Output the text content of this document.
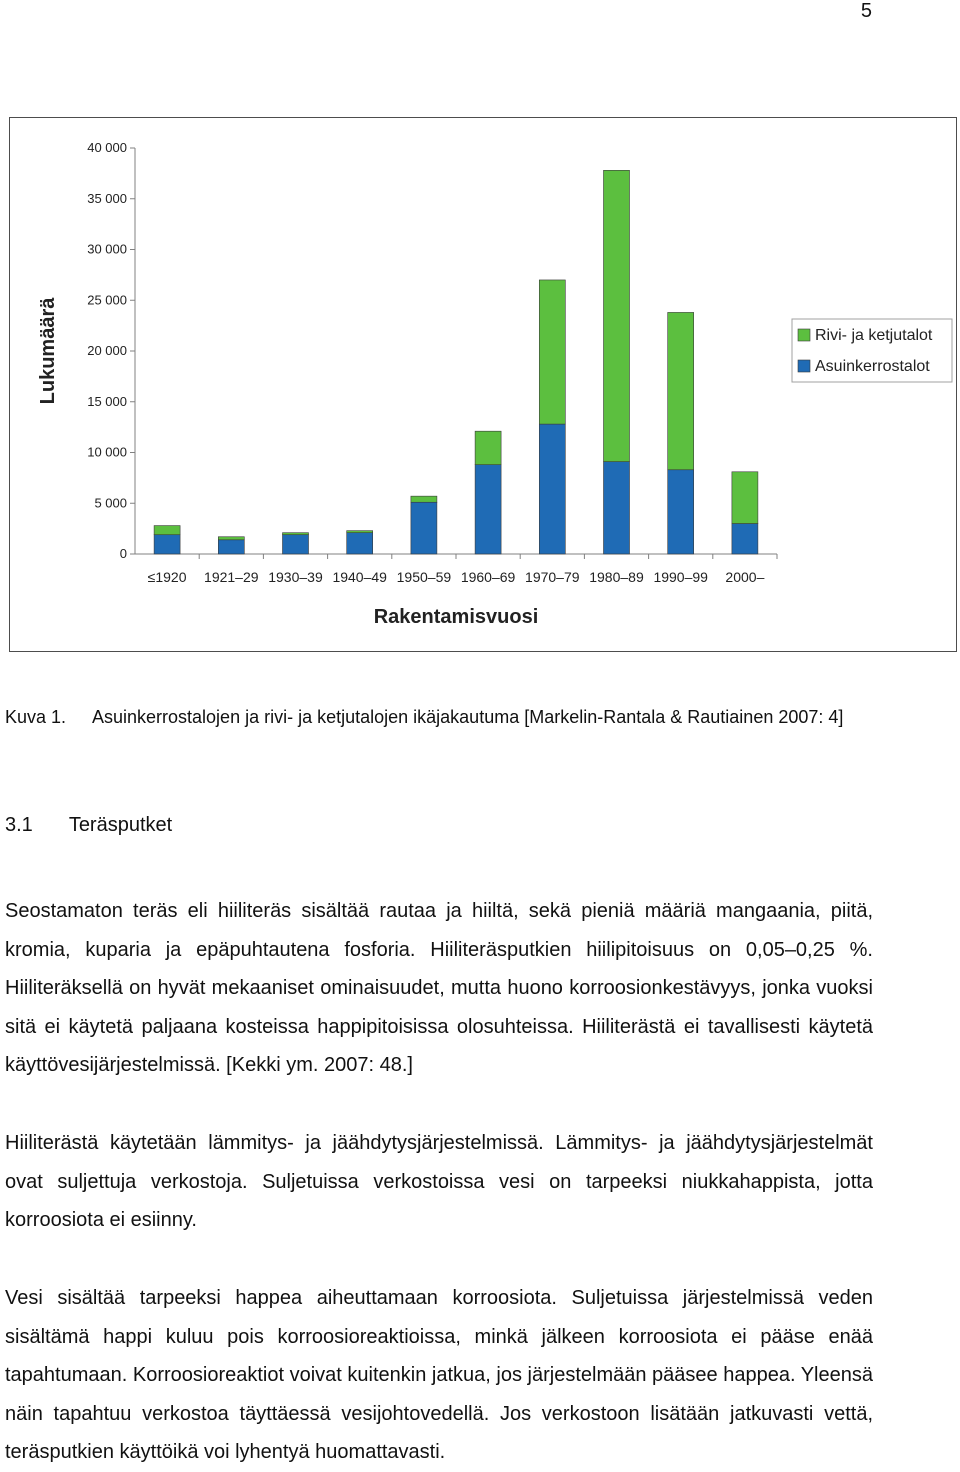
5
0
5 000
10 000
15 000
20 000
25 000
30 000
35 000
40 000
≤1920 1921–29 1930–39 1940–49 1950–59 1960–69 1970–79 1980–89 1990–99 2000–
Rakentamisvuosi
Lukumäärä	Rivi- ja ketjutalot
Asuinkerrostalot
Kuva 1. Asuinkerrostalojen ja rivi- ja ketjutalojen ikäjakautuma [Markelin-Rantala & Rautiainen 2007: 4]
3.1 Teräsputket

Seostamaton teräs eli hiiliteräs sisältää rautaa ja hiiltä, sekä pieniä määriä mangaania, piitä, kromia, kuparia ja epäpuhtautena fosforia. Hiiliteräsputkien hiilipitoisuus on 0,05–0,25 %. Hiiliteräksellä on hyvät mekaaniset ominaisuudet, mutta huono korroosionkestävyys, jonka vuoksi sitä ei käytetä paljaana kosteissa happipitoisissa olosuhteissa. Hiiliterästä ei tavallisesti käytetä käyttövesijärjestelmissä. [Kekki ym. 2007: 48.]

Hiiliterästä käytetään lämmitys- ja jäähdytysjärjestelmissä. Lämmitys- ja jäähdytysjärjestelmät ovat suljettuja verkostoja. Suljetuissa verkostoissa vesi on tarpeeksi niukkahappista, jotta korroosiota ei esiinny.

Vesi sisältää tarpeeksi happea aiheuttamaan korroosiota. Suljetuissa järjestelmissä veden sisältämä happi kuluu pois korroosioreaktioissa, minkä jälkeen korroosiota ei pääse enää tapahtumaan. Korroosioreaktiot voivat kuitenkin jatkua, jos järjestelmään pääsee happea. Yleensä näin tapahtuu verkostoa täyttäessä vesijohtovedellä. Jos verkostoon lisätään jatkuvasti vettä, teräsputkien käyttöikä voi lyhentyä huomattavasti.
